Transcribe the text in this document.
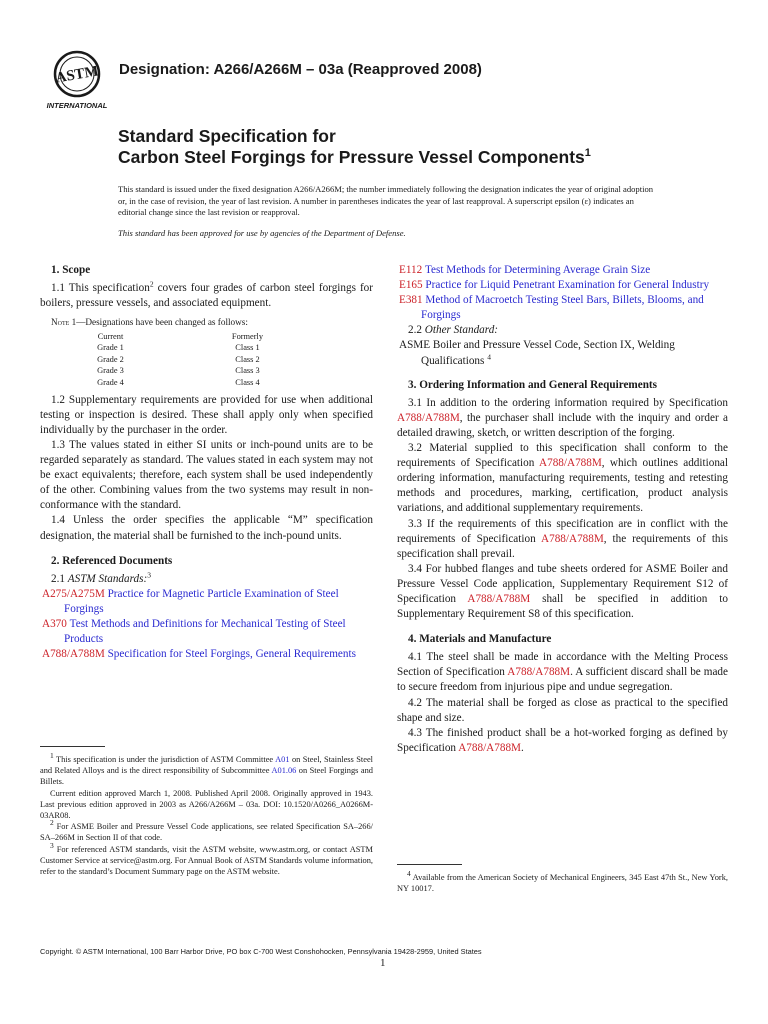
ASTM
INTERNATIONAL
Designation: A266/A266M – 03a (Reapproved 2008)
Standard Specification for
Carbon Steel Forgings for Pressure Vessel Components$^1$
This standard is issued under the fixed designation A266/A266M; the number immediately following the designation indicates the year of original adoption or, in the case of revision, the year of last revision. A number in parentheses indicates the year of last reapproval. A superscript epsilon (ε) indicates an editorial change since the last revision or reapproval.
This standard has been approved for use by agencies of the Department of Defense.

1. Scope

1.1 This specification$^2$ covers four grades of carbon steel forgings for boilers, pressure vessels, and associated equipment.

Note 1—Designations have been changed as follows:

Current	Formerly
Grade 1	Class 1
Grade 2	Class 2
Grade 3	Class 3
Grade 4	Class 4

1.2 Supplementary requirements are provided for use when additional testing or inspection is desired. These shall apply only when specified individually by the purchaser in the order.

1.3 The values stated in either SI units or inch-pound units are to be regarded separately as standard. The values stated in each system may not be exact equivalents; therefore, each system shall be used independently of the other. Combining values from the two systems may result in non-conformance with the standard.

1.4 Unless the order specifies the applicable “M” specification designation, the material shall be furnished to the inch-pound units.

2. Referenced Documents

2.1 ASTM Standards:$^3$

A275/A275M Practice for Magnetic Particle Examination of Steel Forgings

A370 Test Methods and Definitions for Mechanical Testing of Steel Products

A788/A788M Specification for Steel Forgings, General Requirements

$^1$ This specification is under the jurisdiction of ASTM Committee A01 on Steel, Stainless Steel and Related Alloys and is the direct responsibility of Subcommittee A01.06 on Steel Forgings and Billets.

Current edition approved March 1, 2008. Published April 2008. Originally approved in 1943. Last previous edition approved in 2003 as A266/A266M – 03a. DOI: 10.1520/A0266_A0266M-03AR08.

$^2$ For ASME Boiler and Pressure Vessel Code applications, see related Specification SA–266/ SA–266M in Section II of that code.

$^3$ For referenced ASTM standards, visit the ASTM website, www.astm.org, or contact ASTM Customer Service at service@astm.org. For Annual Book of ASTM Standards volume information, refer to the standard’s Document Summary page on the ASTM website.

E112 Test Methods for Determining Average Grain Size

E165 Practice for Liquid Penetrant Examination for General Industry

E381 Method of Macroetch Testing Steel Bars, Billets, Blooms, and Forgings

2.2 Other Standard:

ASME Boiler and Pressure Vessel Code, Section IX, Welding Qualifications $^4$

3. Ordering Information and General Requirements

3.1 In addition to the ordering information required by Specification A788/A788M, the purchaser shall include with the inquiry and order a detailed drawing, sketch, or written description of the forging.

3.2 Material supplied to this specification shall conform to the requirements of Specification A788/A788M, which outlines additional ordering information, manufacturing requirements, testing and retesting methods and procedures, marking, certification, product analysis variations, and additional supplementary requirements.

3.3 If the requirements of this specification are in conflict with the requirements of Specification A788/A788M, the requirements of this specification shall prevail.

3.4 For hubbed flanges and tube sheets ordered for ASME Boiler and Pressure Vessel Code application, Supplementary Requirement S12 of Specification A788/A788M shall be specified in addition to Supplementary Requirement S8 of this specification.

4. Materials and Manufacture

4.1 The steel shall be made in accordance with the Melting Process Section of Specification A788/A788M. A sufficient discard shall be made to secure freedom from injurious pipe and undue segregation.

4.2 The material shall be forged as close as practical to the specified shape and size.

4.3 The finished product shall be a hot-worked forging as defined by Specification A788/A788M.

$^4$ Available from the American Society of Mechanical Engineers, 345 East 47th St., New York, NY 10017.

Copyright. © ASTM International, 100 Barr Harbor Drive, PO box C-700 West Conshohocken, Pennsylvania 19428-2959, United States
1
